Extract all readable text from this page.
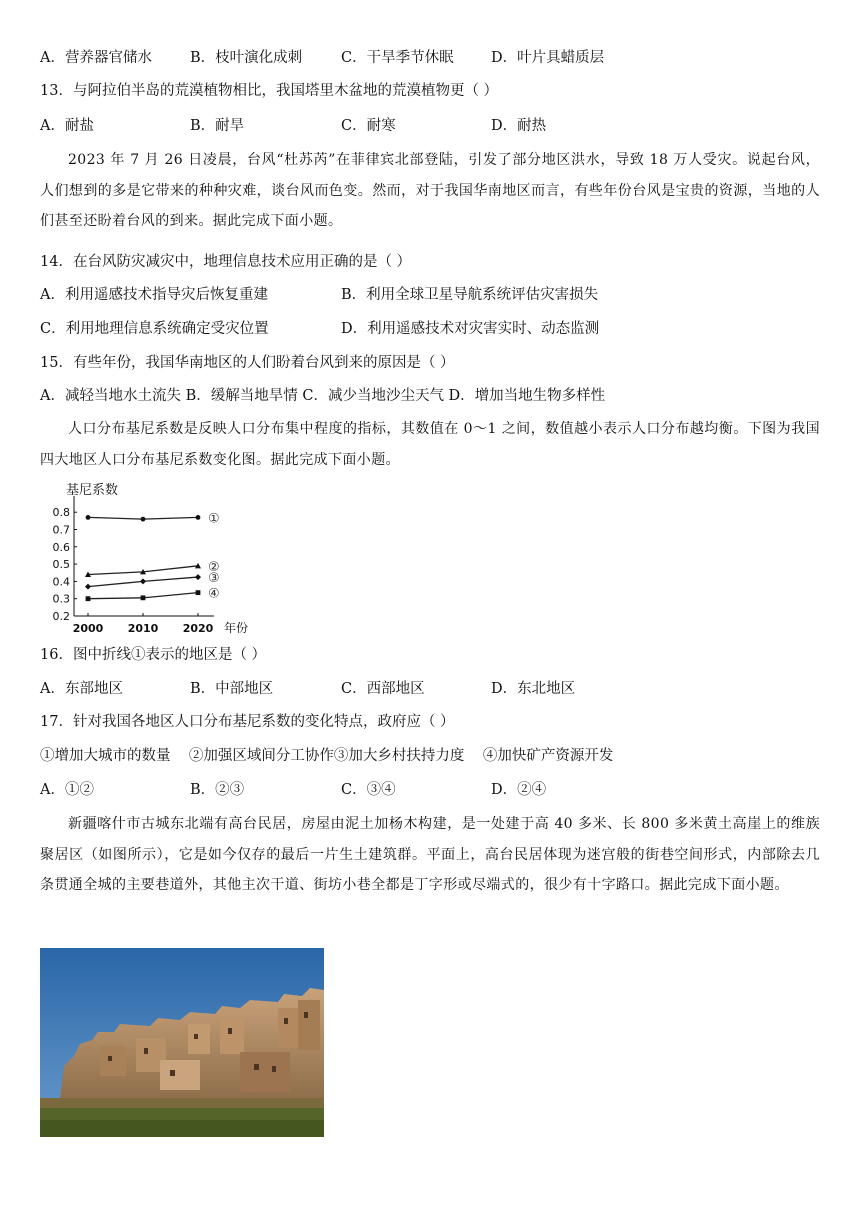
A．营养器官储水	B．枝叶演化成刺	C．干旱季节休眠	D．叶片具蜡质层
13．与阿拉伯半岛的荒漠植物相比，我国塔里木盆地的荒漠植物更（ ）
A．耐盐	B．耐旱	C．耐寒	D．耐热
2023 年 7 月 26 日凌晨，台风“杜苏芮”在菲律宾北部登陆，引发了部分地区洪水，导致 18 万人受灾。说起台风，人们想到的多是它带来的种种灾难，谈台风而色变。然而，对于我国华南地区而言，有些年份台风是宝贵的资源，当地的人们甚至还盼着台风的到来。据此完成下面小题。
14．在台风防灾减灾中，地理信息技术应用正确的是（ ）
A．利用遥感技术指导灾后恢复重建	B．利用全球卫星导航系统评估灾害损失
C．利用地理信息系统确定受灾位置	D．利用遥感技术对灾害实时、动态监测
15．有些年份，我国华南地区的人们盼着台风到来的原因是（ ）
A．减轻当地水土流失 B．缓解当地旱情 C．减少当地沙尘天气 D．增加当地生物多样性
人口分布基尼系数是反映人口分布集中程度的指标，其数值在 0～1 之间，数值越小表示人口分布越均衡。下图为我国四大地区人口分布基尼系数变化图。据此完成下面小题。
基尼系数
0.2
0.3
0.4
0.5
0.6
0.7
0.8
2000 2010 2020 年份
①
②
③
④
16．图中折线①表示的地区是（ ）
A．东部地区	B．中部地区	C．西部地区	D．东北地区
17．针对我国各地区人口分布基尼系数的变化特点，政府应（ ）
①增加大城市的数量    ②加强区域间分工协作③加大乡村扶持力度    ④加快矿产资源开发
A．①②	B．②③	C．③④	D．②④
新疆喀什市古城东北端有高台民居，房屋由泥土加杨木构建，是一处建于高 40 多米、长 800 多米黄土高崖上的维族聚居区（如图所示），它是如今仅存的最后一片生土建筑群。平面上，高台民居体现为迷宫般的街巷空间形式，内部除去几条贯通全城的主要巷道外，其他主次干道、街坊小巷全都是丁字形或尽端式的，很少有十字路口。据此完成下面小题。
